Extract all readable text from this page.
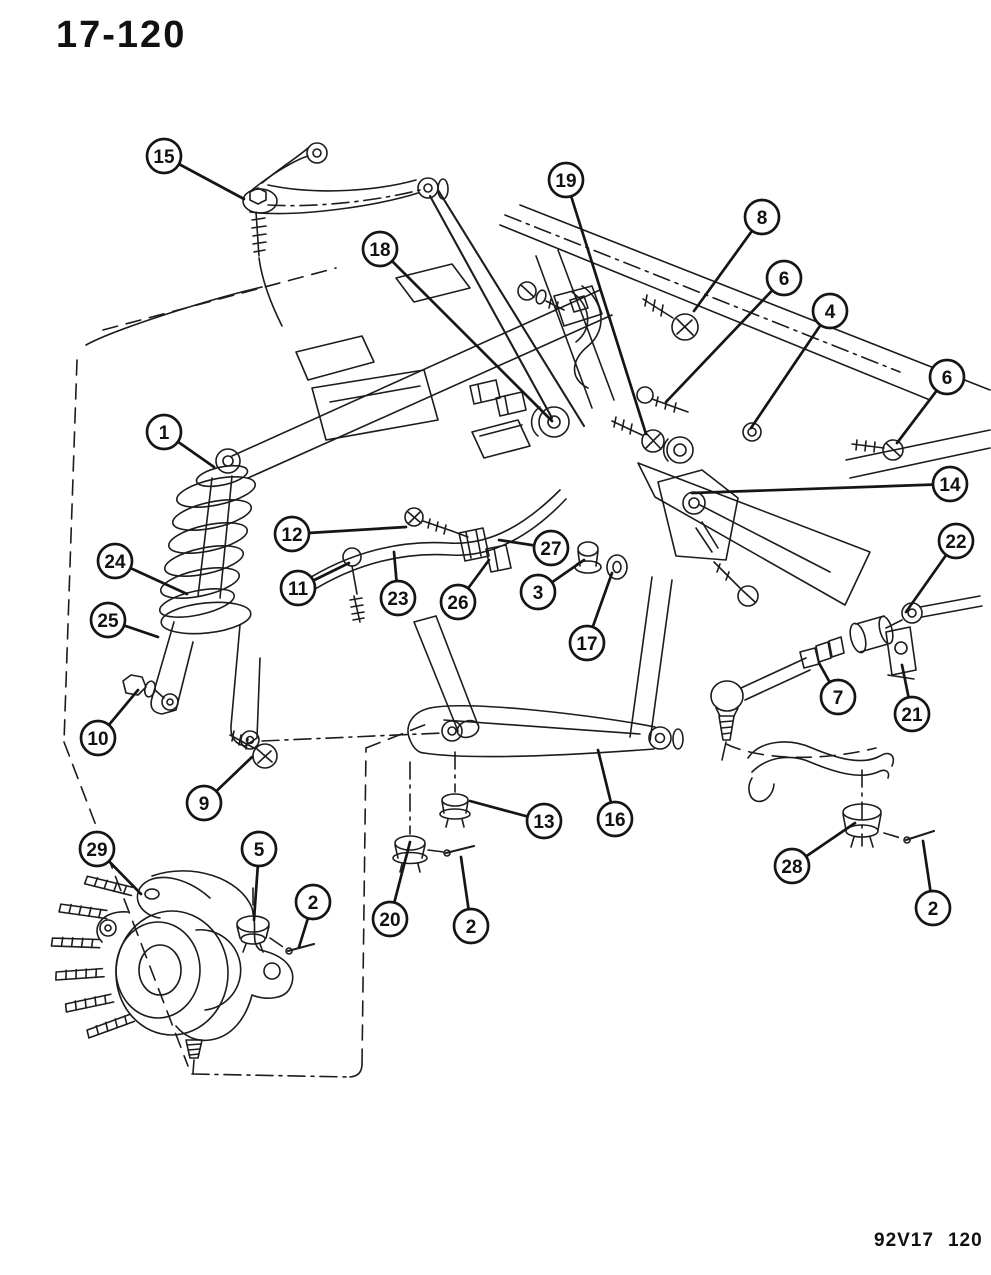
17-120
15
18
19
8
6
4
6
14
1
12
24
11	23 26
27
3
17
25
22
10
7
21
9
13	16
29	5
2
20	2
28
2
92V17 120
